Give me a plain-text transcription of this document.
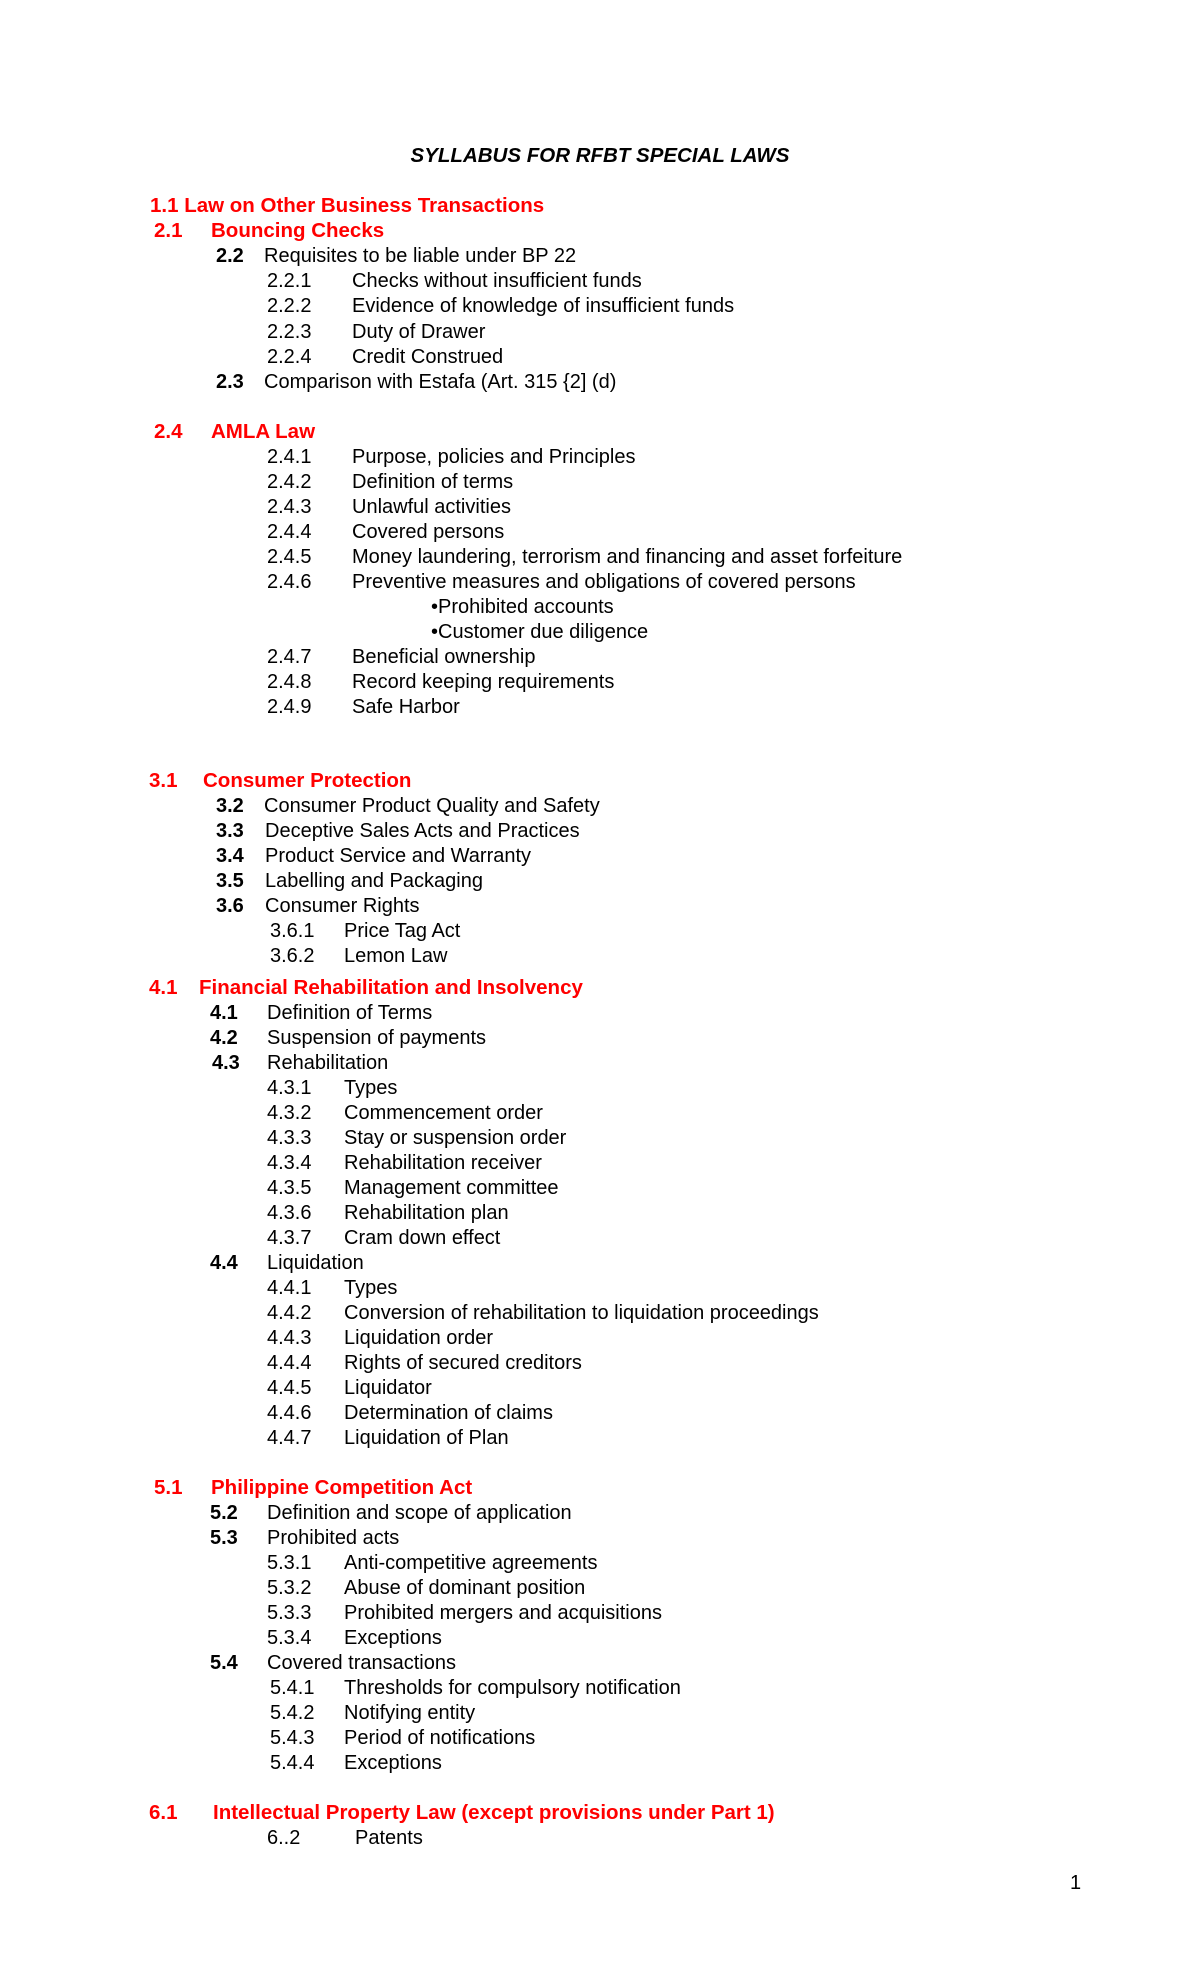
SYLLABUS FOR RFBT SPECIAL LAWS
1.1 Law on Other Business Transactions
2.1 Bouncing Checks
2.2 Requisites to be liable under BP 22
2.2.1 Checks without insufficient funds
2.2.2 Evidence of knowledge of insufficient funds
2.2.3 Duty of Drawer
2.2.4 Credit Construed
2.3 Comparison with Estafa (Art. 315 {2] (d)
2.4 AMLA Law
2.4.1 Purpose, policies and Principles
2.4.2 Definition of terms
2.4.3 Unlawful activities
2.4.4 Covered persons
2.4.5 Money laundering, terrorism and financing and asset forfeiture
2.4.6 Preventive measures and obligations of covered persons
•Prohibited accounts
•Customer due diligence
2.4.7 Beneficial ownership
2.4.8 Record keeping requirements
2.4.9 Safe Harbor
3.1 Consumer Protection
3.2 Consumer Product Quality and Safety
3.3 Deceptive Sales Acts and Practices
3.4 Product Service and Warranty
3.5 Labelling and Packaging
3.6 Consumer Rights
3.6.1 Price Tag Act
3.6.2 Lemon Law
4.1 Financial Rehabilitation and Insolvency
4.1 Definition of Terms
4.2 Suspension of payments
4.3 Rehabilitation
4.3.1 Types
4.3.2 Commencement order
4.3.3 Stay or suspension order
4.3.4 Rehabilitation receiver
4.3.5 Management committee
4.3.6 Rehabilitation plan
4.3.7 Cram down effect
4.4 Liquidation
4.4.1 Types
4.4.2 Conversion of rehabilitation to liquidation proceedings
4.4.3 Liquidation order
4.4.4 Rights of secured creditors
4.4.5 Liquidator
4.4.6 Determination of claims
4.4.7 Liquidation of Plan
5.1 Philippine Competition Act
5.2 Definition and scope of application
5.3 Prohibited acts
5.3.1 Anti-competitive agreements
5.3.2 Abuse of dominant position
5.3.3 Prohibited mergers and acquisitions
5.3.4 Exceptions
5.4 Covered transactions
5.4.1 Thresholds for compulsory notification
5.4.2 Notifying entity
5.4.3 Period of notifications
5.4.4 Exceptions
6.1 Intellectual Property Law (except provisions under Part 1)
6..2	Patents
1
